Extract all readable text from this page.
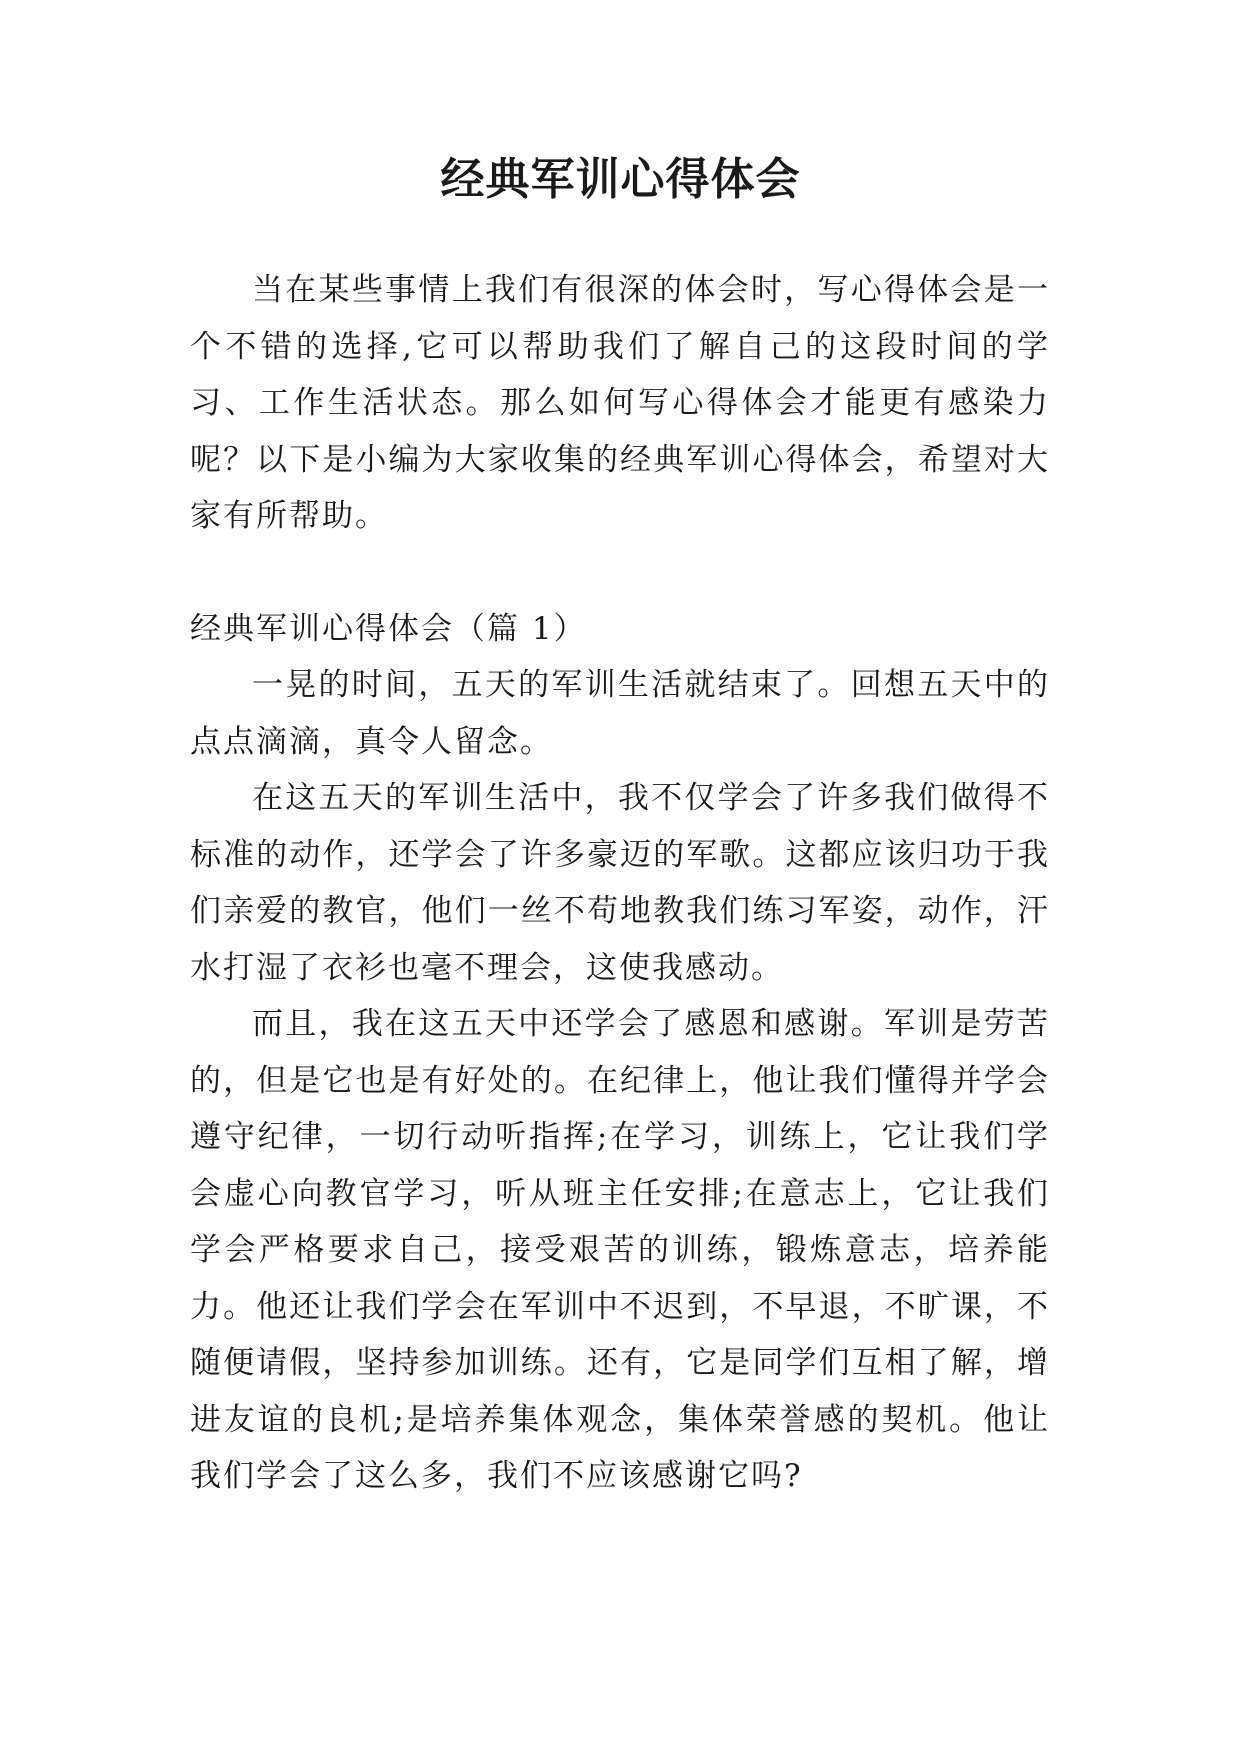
经典军训心得体会

当在某些事情上我们有很深的体会时，写心得体会是一个不错的选择,它可以帮助我们了解自己的这段时间的学习、工作生活状态。那么如何写心得体会才能更有感染力呢？以下是小编为大家收集的经典军训心得体会，希望对大家有所帮助。

经典军训心得体会（篇 1）

一晃的时间，五天的军训生活就结束了。回想五天中的点点滴滴，真令人留念。

在这五天的军训生活中，我不仅学会了许多我们做得不标准的动作，还学会了许多豪迈的军歌。这都应该归功于我们亲爱的教官，他们一丝不苟地教我们练习军姿，动作，汗水打湿了衣衫也毫不理会，这使我感动。

而且，我在这五天中还学会了感恩和感谢。军训是劳苦的，但是它也是有好处的。在纪律上，他让我们懂得并学会遵守纪律，一切行动听指挥;在学习，训练上，它让我们学会虚心向教官学习，听从班主任安排;在意志上，它让我们学会严格要求自己，接受艰苦的训练，锻炼意志，培养能力。他还让我们学会在军训中不迟到，不早退，不旷课，不随便请假，坚持参加训练。还有，它是同学们互相了解，增进友谊的良机;是培养集体观念，集体荣誉感的契机。他让我们学会了这么多，我们不应该感谢它吗?
